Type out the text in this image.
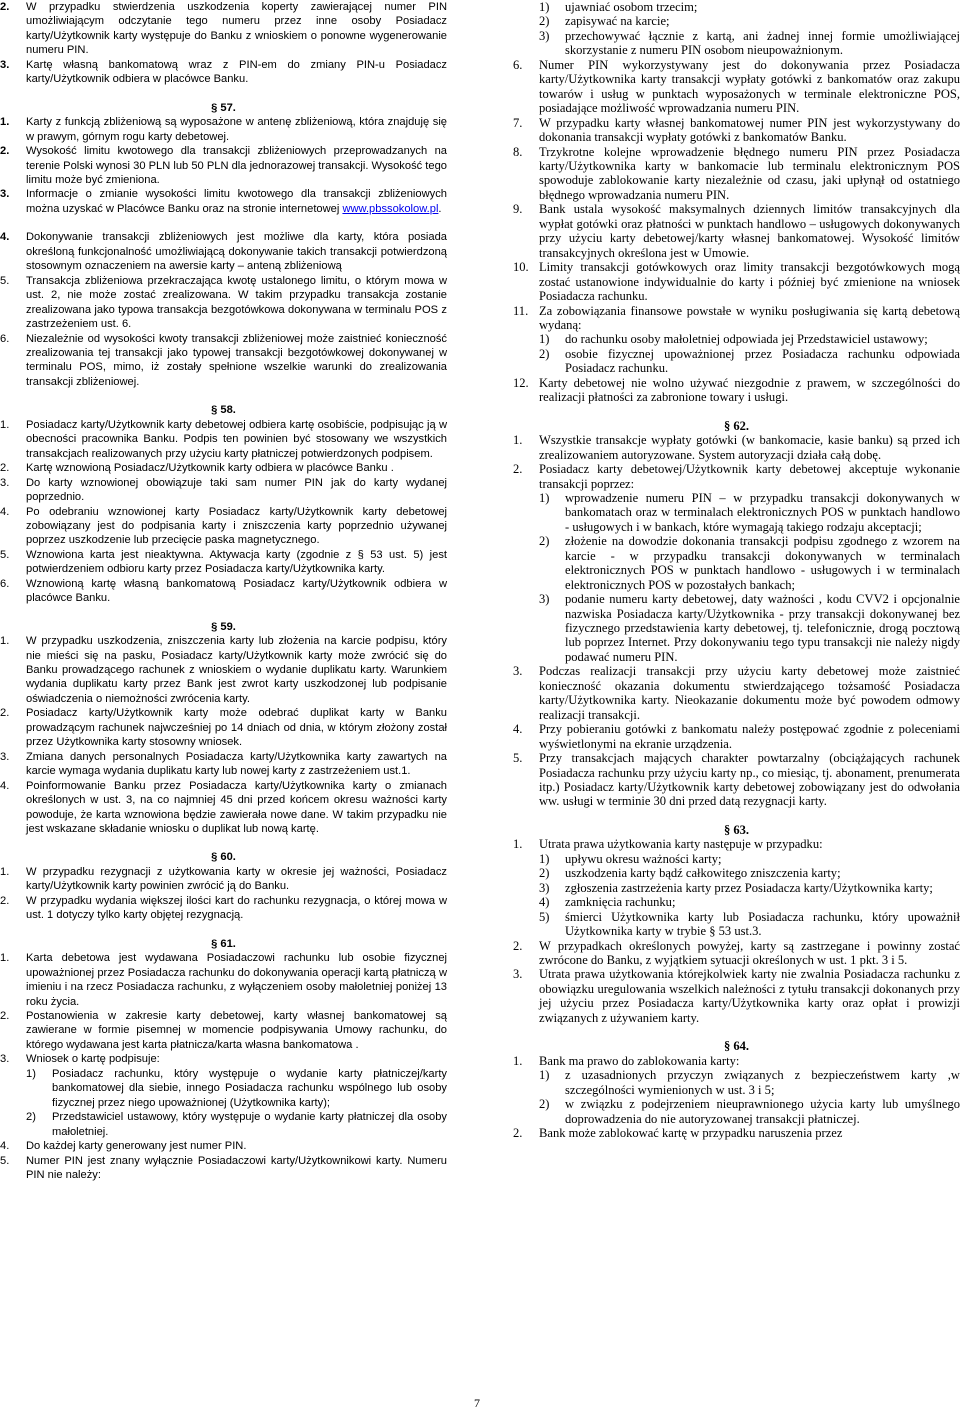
2.	W przypadku stwierdzenia uszkodzenia koperty zawierającej numer PIN umożliwiającym odczytanie tego numeru przez inne osoby Posiadacz karty/Użytkownik karty występuje do Banku z wnioskiem o ponowne wygenerowanie numeru PIN.
3.	Kartę własną bankomatową wraz z PIN-em do zmiany PIN-u Posiadacz karty/Użytkownik odbiera w placówce Banku.
§ 57.
1.	Karty z funkcją zbliżeniową są wyposażone w antenę zbliżeniową, która znajduję się w prawym, górnym rogu karty debetowej.
2.	Wysokość limitu kwotowego dla transakcji zbliżeniowych przeprowadzanych na terenie Polski wynosi 30 PLN lub 50 PLN dla jednorazowej transakcji. Wysokość tego limitu może być zmieniona.
3.	Informacje o zmianie wysokości limitu kwotowego dla transakcji zbliżeniowych można uzyskać w Placówce Banku oraz na stronie internetowej www.pbssokolow.pl.
4.	Dokonywanie transakcji zbliżeniowych jest możliwe dla karty, która posiada określoną funkcjonalność umożliwiającą dokonywanie takich transakcji potwierdzoną stosownym oznaczeniem na awersie karty – anteną zbliżeniową
5.	Transakcja zbliżeniowa przekraczająca kwotę ustalonego limitu, o którym mowa w ust. 2, nie może zostać zrealizowana. W takim przypadku transakcja zostanie zrealizowana jako typowa transakcja bezgotówkowa dokonywana w terminalu POS z zastrzeżeniem ust. 6.
6.	Niezależnie od wysokości kwoty transakcji zbliżeniowej może zaistnieć konieczność zrealizowania tej transakcji jako typowej transakcji bezgotówkowej dokonywanej w terminalu POS, mimo, iż zostały spełnione wszelkie warunki do zrealizowania transakcji zbliżeniowej.
§ 58.
1.	Posiadacz karty/Użytkownik karty debetowej odbiera kartę osobiście, podpisując ją w obecności pracownika Banku. Podpis ten powinien być stosowany we wszystkich transakcjach realizowanych przy użyciu karty płatniczej potwierdzonych podpisem.
2.	Kartę wznowioną Posiadacz/Użytkownik karty odbiera w placówce Banku .
3.	Do karty wznowionej obowiązuje taki sam numer PIN jak do karty wydanej poprzednio.
4.	Po odebraniu wznowionej karty Posiadacz karty/Użytkownik karty debetowej zobowiązany jest do podpisania karty i zniszczenia karty poprzednio używanej poprzez uszkodzenie lub przecięcie paska magnetycznego.
5.	Wznowiona karta jest nieaktywna. Aktywacja karty (zgodnie z § 53 ust. 5) jest potwierdzeniem odbioru karty przez Posiadacza karty/Użytkownika karty.
6.	Wznowioną kartę własną bankomatową Posiadacz karty/Użytkownik odbiera w placówce Banku.
§ 59.
1.	W przypadku uszkodzenia, zniszczenia karty lub złożenia na karcie podpisu, który nie mieści się na pasku, Posiadacz karty/Użytkownik karty może zwrócić się do Banku prowadzącego rachunek z wnioskiem o wydanie duplikatu karty. Warunkiem wydania duplikatu karty przez Bank jest zwrot karty uszkodzonej lub podpisanie oświadczenia o niemożności zwrócenia karty.
2.	Posiadacz karty/Użytkownik karty może odebrać duplikat karty w Banku prowadzącym rachunek najwcześniej po 14 dniach od dnia, w którym złożony został przez Użytkownika karty stosowny wniosek.
3.	Zmiana danych personalnych Posiadacza karty/Użytkownika karty zawartych na karcie wymaga wydania duplikatu karty lub nowej karty z zastrzeżeniem ust.1.
4.	Poinformowanie Banku przez Posiadacza karty/Użytkownika karty o zmianach określonych w ust. 3, na co najmniej 45 dni przed końcem okresu ważności karty powoduje, że karta wznowiona będzie zawierała nowe dane. W takim przypadku nie jest wskazane składanie wniosku o duplikat lub nową kartę.
§ 60.
1.	W przypadku rezygnacji z użytkowania karty w okresie jej ważności, Posiadacz karty/Użytkownik karty powinien zwrócić ją do Banku.
2.	W przypadku wydania większej ilości kart do rachunku rezygnacja, o której mowa w ust. 1 dotyczy tylko karty objętej rezygnacją.
§ 61.
1.	Karta debetowa jest wydawana Posiadaczowi rachunku lub osobie fizycznej upoważnionej przez Posiadacza rachunku do dokonywania operacji kartą płatniczą w imieniu i na rzecz Posiadacza rachunku, z wyłączeniem osoby małoletniej poniżej 13 roku życia.
2.	Postanowienia w zakresie karty debetowej, karty własnej bankomatowej są zawierane w formie pisemnej w momencie podpisywania Umowy rachunku, do którego wydawana jest karta płatnicza/karta własna bankomatowa .
3.	Wniosek o kartę podpisuje:
1)	Posiadacz rachunku, który występuje o wydanie karty płatniczej/karty bankomatowej dla siebie, innego Posiadacza rachunku wspólnego lub osoby fizycznej przez niego upoważnionej (Użytkownika karty);
2)	Przedstawiciel ustawowy, który występuje o wydanie karty płatniczej dla osoby małoletniej.
4.	Do każdej karty generowany jest numer PIN.
5.	Numer PIN jest znany wyłącznie Posiadaczowi karty/Użytkownikowi karty. Numeru PIN nie należy:
1)	ujawniać osobom trzecim;
2)	zapisywać na karcie;
3)	przechowywać łącznie z kartą, ani żadnej innej formie umożliwiającej skorzystanie z numeru PIN osobom nieupoważnionym.
6.	Numer PIN wykorzystywany jest do dokonywania przez Posiadacza karty/Użytkownika karty transakcji wypłaty gotówki z bankomatów oraz zakupu towarów i usług w punktach wyposażonych w terminale elektroniczne POS, posiadające możliwość wprowadzania numeru PIN.
7.	W przypadku karty własnej bankomatowej numer PIN jest wykorzystywany do dokonania transakcji wypłaty gotówki z bankomatów Banku.
8.	Trzykrotne kolejne wprowadzenie błędnego numeru PIN przez Posiadacza karty/Użytkownika karty w bankomacie lub terminalu elektronicznym POS spowoduje zablokowanie karty niezależnie od czasu, jaki upłynął od ostatniego błędnego wprowadzania numeru PIN.
9.	Bank ustala wysokość maksymalnych dziennych limitów transakcyjnych dla wypłat gotówki oraz płatności w punktach handlowo – usługowych dokonywanych przy użyciu karty debetowej/karty własnej bankomatowej. Wysokość limitów transakcyjnych określona jest w Umowie.
10. Limity transakcji gotówkowych oraz limity transakcji bezgotówkowych mogą zostać ustanowione indywidualnie do karty i później być zmienione na wniosek Posiadacza rachunku.
11. Za zobowiązania finansowe powstałe w wyniku posługiwania się kartą debetową wydaną:
1)	do rachunku osoby małoletniej odpowiada jej Przedstawiciel ustawowy;
2)	osobie fizycznej upoważnionej przez Posiadacza rachunku odpowiada Posiadacz rachunku.
12. Karty debetowej nie wolno używać niezgodnie z prawem, w szczególności do realizacji płatności za zabronione towary i usługi.
§ 62.
1.	Wszystkie transakcje wypłaty gotówki (w bankomacie, kasie banku) są przed ich zrealizowaniem autoryzowane. System autoryzacji działa całą dobę.
2.	Posiadacz karty debetowej/Użytkownik karty debetowej akceptuje wykonanie transakcji poprzez:
1)	wprowadzenie numeru PIN – w przypadku transakcji dokonywanych w bankomatach oraz w terminalach elektronicznych POS w punktach handlowo - usługowych i w bankach, które wymagają takiego rodzaju akceptacji;
2)	złożenie na dowodzie dokonania transakcji podpisu zgodnego z wzorem na karcie - w przypadku transakcji dokonywanych w terminalach elektronicznych POS w punktach handlowo - usługowych i w terminalach elektronicznych POS w pozostałych bankach;
3)	podanie numeru karty debetowej, daty ważności , kodu CVV2 i opcjonalnie nazwiska Posiadacza karty/Użytkownika - przy transakcji dokonywanej bez fizycznego przedstawienia karty debetowej, tj. telefonicznie, drogą pocztową lub poprzez Internet. Przy dokonywaniu tego typu transakcji nie należy nigdy podawać numeru PIN.
3.	Podczas realizacji transakcji przy użyciu karty debetowej może zaistnieć konieczność okazania dokumentu stwierdzającego tożsamość Posiadacza karty/Użytkownika karty. Nieokazanie dokumentu może być powodem odmowy realizacji transakcji.
4.	Przy pobieraniu gotówki z bankomatu należy postępować zgodnie z poleceniami wyświetlonymi na ekranie urządzenia.
5.	Przy transakcjach mających charakter powtarzalny (obciążających rachunek Posiadacza rachunku przy użyciu karty np., co miesiąc, tj. abonament, prenumerata itp.) Posiadacz karty/Użytkownik karty debetowej zobowiązany jest do odwołania ww. usługi w terminie 30 dni przed datą rezygnacji karty.
§ 63.
1.	Utrata prawa użytkowania karty następuje w przypadku:
1)	upływu okresu ważności karty;
2)	uszkodzenia karty bądź całkowitego zniszczenia karty;
3)	zgłoszenia zastrzeżenia karty przez Posiadacza karty/Użytkownika karty;
4)	zamknięcia rachunku;
5)	śmierci Użytkownika karty lub Posiadacza rachunku, który upoważnił Użytkownika karty w trybie § 53 ust.3.
2.	W przypadkach określonych powyżej, karty są zastrzegane i powinny zostać zwrócone do Banku, z wyjątkiem sytuacji określonych w ust. 1 pkt. 3 i 5.
3.	Utrata prawa użytkowania którejkolwiek karty nie zwalnia Posiadacza rachunku z obowiązku uregulowania wszelkich należności z tytułu transakcji dokonanych przy jej użyciu przez Posiadacza karty/Użytkownika karty oraz opłat i prowizji związanych z używaniem karty.
§ 64.
1.	Bank ma prawo do zablokowania karty:
1)	z uzasadnionych przyczyn związanych z bezpieczeństwem karty ,w szczególności wymienionych w ust. 3 i 5;
2)	w związku z podejrzeniem nieuprawnionego użycia karty lub umyślnego doprowadzenia do nie autoryzowanej transakcji płatniczej.
2.	Bank może zablokować kartę w przypadku naruszenia przez
7
